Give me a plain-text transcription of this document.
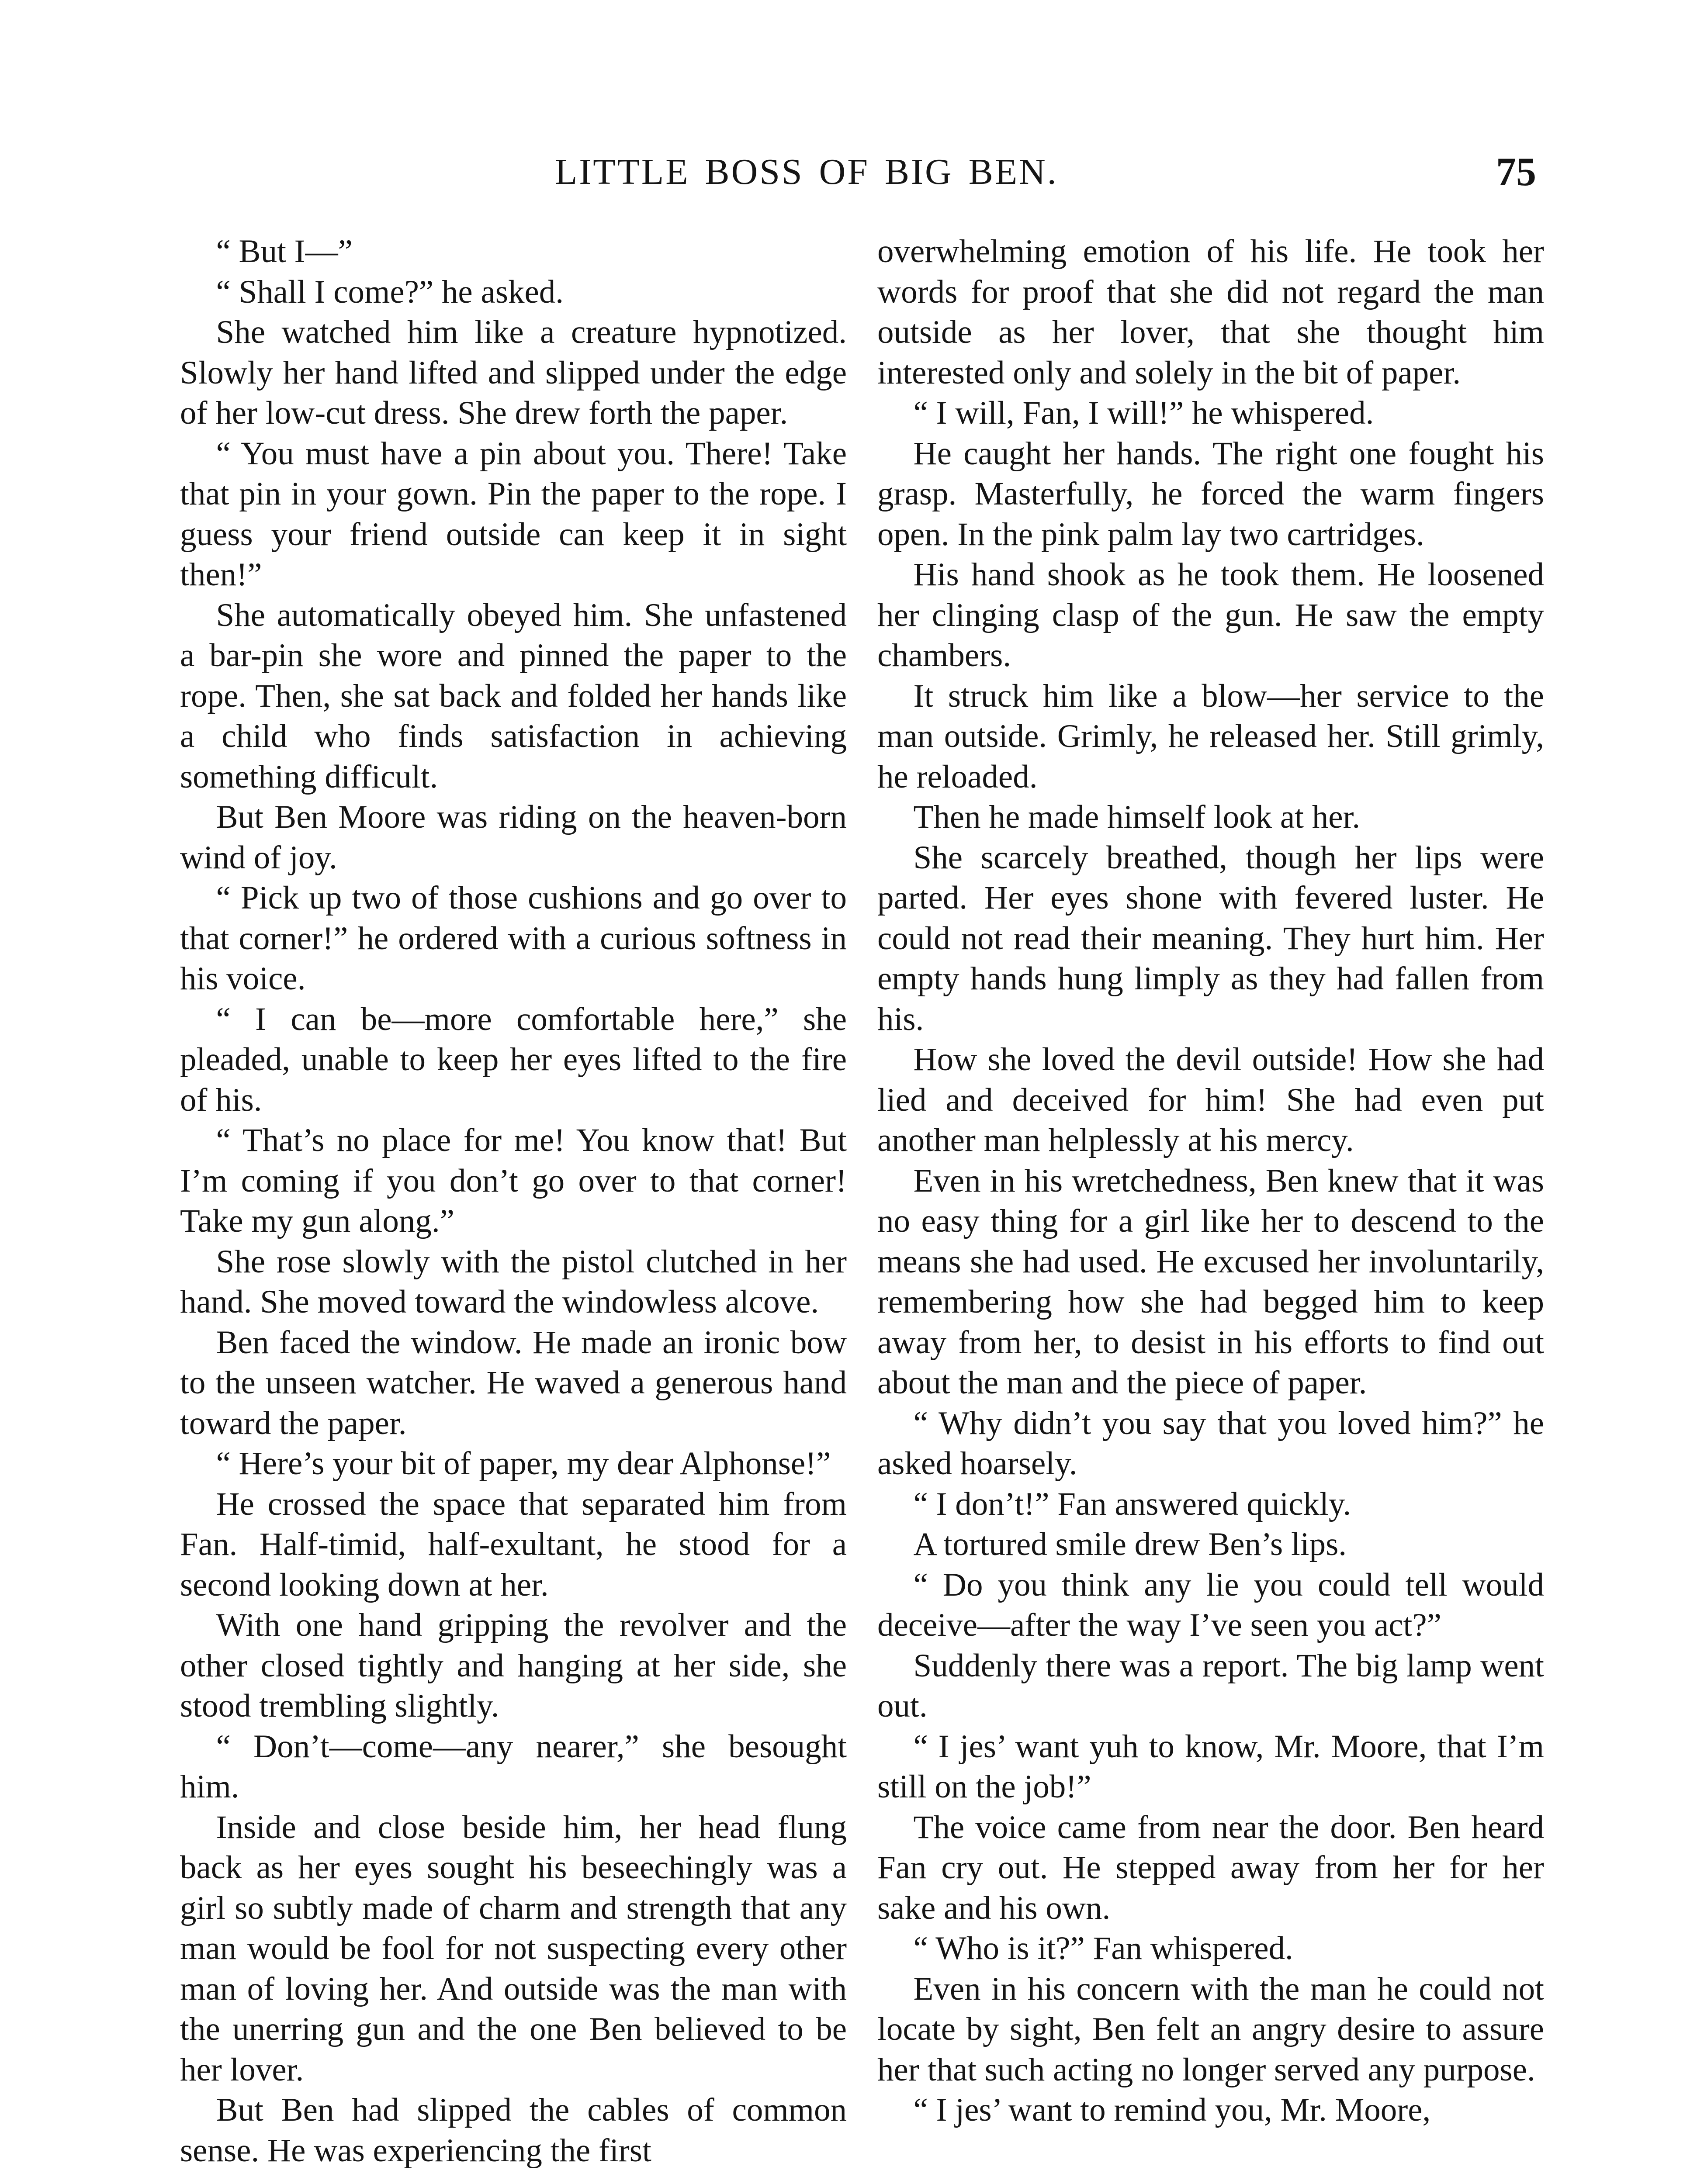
LITTLE BOSS OF BIG BEN.	75

“ But I—”

“ Shall I come?” he asked.

She watched him like a creature hypnotized. Slowly her hand lifted and slipped under the edge of her low-cut dress. She drew forth the paper.

“ You must have a pin about you. There! Take that pin in your gown. Pin the paper to the rope. I guess your friend outside can keep it in sight then!”

She automatically obeyed him. She unfastened a bar-pin she wore and pinned the paper to the rope. Then, she sat back and folded her hands like a child who finds satisfaction in achieving something difficult.

But Ben Moore was riding on the heaven-born wind of joy.

“ Pick up two of those cushions and go over to that corner!” he ordered with a curious softness in his voice.

“ I can be—more comfortable here,” she pleaded, unable to keep her eyes lifted to the fire of his.

“ That’s no place for me! You know that! But I’m coming if you don’t go over to that corner! Take my gun along.”

She rose slowly with the pistol clutched in her hand. She moved toward the windowless alcove.

Ben faced the window. He made an ironic bow to the unseen watcher. He waved a generous hand toward the paper.

“ Here’s your bit of paper, my dear Alphonse!”

He crossed the space that separated him from Fan. Half-timid, half-exultant, he stood for a second looking down at her.

With one hand gripping the revolver and the other closed tightly and hanging at her side, she stood trembling slightly.

“ Don’t—come—any nearer,” she besought him.

Inside and close beside him, her head flung back as her eyes sought his beseechingly was a girl so subtly made of charm and strength that any man would be fool for not suspecting every other man of loving her. And outside was the man with the unerring gun and the one Ben believed to be her lover.

But Ben had slipped the cables of common sense. He was experiencing the first

overwhelming emotion of his life. He took her words for proof that she did not regard the man outside as her lover, that she thought him interested only and solely in the bit of paper.

“ I will, Fan, I will!” he whispered.

He caught her hands. The right one fought his grasp. Masterfully, he forced the warm fingers open. In the pink palm lay two cartridges.

His hand shook as he took them. He loosened her clinging clasp of the gun. He saw the empty chambers.

It struck him like a blow—her service to the man outside. Grimly, he released her. Still grimly, he reloaded.

Then he made himself look at her.

She scarcely breathed, though her lips were parted. Her eyes shone with fevered luster. He could not read their meaning. They hurt him. Her empty hands hung limply as they had fallen from his.

How she loved the devil outside! How she had lied and deceived for him! She had even put another man helplessly at his mercy.

Even in his wretchedness, Ben knew that it was no easy thing for a girl like her to descend to the means she had used. He excused her involuntarily, remembering how she had begged him to keep away from her, to desist in his efforts to find out about the man and the piece of paper.

“ Why didn’t you say that you loved him?” he asked hoarsely.

“ I don’t!” Fan answered quickly.

A tortured smile drew Ben’s lips.

“ Do you think any lie you could tell would deceive—after the way I’ve seen you act?”

Suddenly there was a report. The big lamp went out.

“ I jes’ want yuh to know, Mr. Moore, that I’m still on the job!”

The voice came from near the door. Ben heard Fan cry out. He stepped away from her for her sake and his own.

“ Who is it?” Fan whispered.

Even in his concern with the man he could not locate by sight, Ben felt an angry desire to assure her that such acting no longer served any purpose.

“ I jes’ want to remind you, Mr. Moore,
